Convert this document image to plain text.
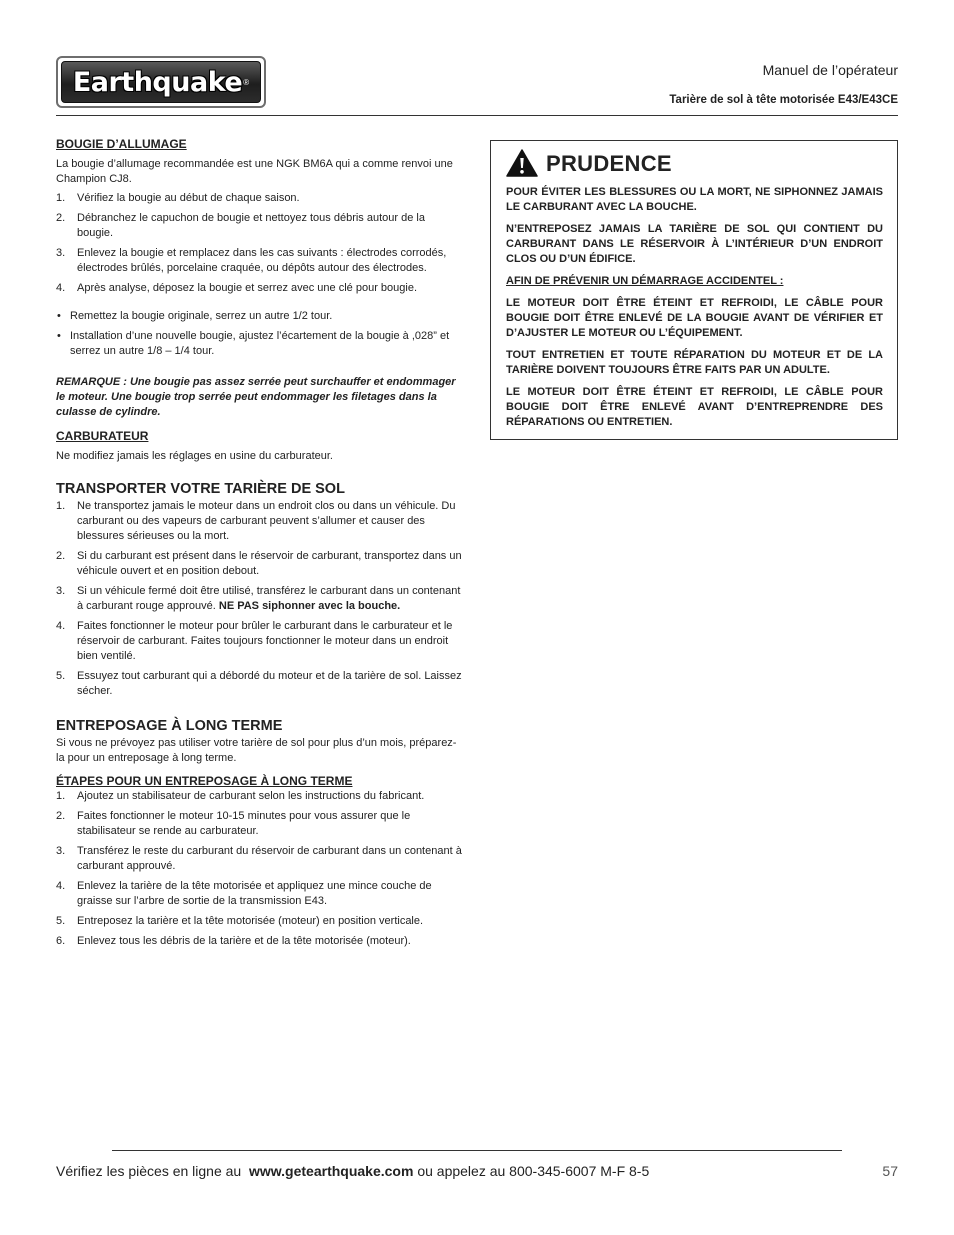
Earthquake ®
Manuel de l’opérateur
Tarière de sol à tête motorisée E43/E43CE
BOUGIE D’ALLUMAGE

La bougie d’allumage recommandée est une NGK BM6A qui a comme renvoi une Champion CJ8.

1. Vérifiez la bougie au début de chaque saison.
2. Débranchez le capuchon de bougie et nettoyez tous débris autour de la bougie.
3. Enlevez la bougie et remplacez dans les cas suivants : électrodes corrodés, électrodes brûlés, porcelaine craquée, ou dépôts autour des électrodes.
4. Après analyse, déposez la bougie et serrez avec une clé pour bougie.
• Remettez la bougie originale, serrez un autre 1/2 tour.
• Installation d’une nouvelle bougie, ajustez l’écartement de la bougie à ,028” et serrez un autre 1/8 – 1/4 tour.

REMARQUE : Une bougie pas assez serrée peut surchauffer et endommager le moteur. Une bougie trop serrée peut endommager les filetages dans la culasse de cylindre.

CARBURATEUR

Ne modifiez jamais les réglages en usine du carburateur.

TRANSPORTER VOTRE TARIÈRE DE SOL
1. Ne transportez jamais le moteur dans un endroit clos ou dans un véhicule. Du carburant ou des vapeurs de carburant peuvent s’allumer et causer des blessures sérieuses ou la mort.
2. Si du carburant est présent dans le réservoir de carburant, transportez dans un véhicule ouvert et en position debout.
3. Si un véhicule fermé doit être utilisé, transférez le carburant dans un contenant à carburant rouge approuvé. NE PAS siphonner avec la bouche.
4. Faites fonctionner le moteur pour brûler le carburant dans le carburateur et le réservoir de carburant. Faites toujours fonctionner le moteur dans un endroit bien ventilé.
5. Essuyez tout carburant qui a débordé du moteur et de la tarière de sol. Laissez sécher.
ENTREPOSAGE À LONG TERME

Si vous ne prévoyez pas utiliser votre tarière de sol pour plus d’un mois, préparez-la pour un entreposage à long terme.

ÉTAPES POUR UN ENTREPOSAGE À LONG TERME
1. Ajoutez un stabilisateur de carburant selon les instructions du fabricant.
2. Faites fonctionner le moteur 10-15 minutes pour vous assurer que le stabilisateur se rende au carburateur.
3. Transférez le reste du carburant du réservoir de carburant dans un contenant à carburant approuvé.
4. Enlevez la tarière de la tête motorisée et appliquez une mince couche de graisse sur l’arbre de sortie de la transmission E43.
5. Entreposez la tarière et la tête motorisée (moteur) en position verticale.
6. Enlevez tous les débris de la tarière et de la tête motorisée (moteur).
PRUDENCE

POUR ÉVITER LES BLESSURES OU LA MORT, NE SIPHONNEZ JAMAIS LE CARBURANT AVEC LA BOUCHE.

N’ENTREPOSEZ JAMAIS LA TARIÈRE DE SOL QUI CONTIENT DU CARBURANT DANS LE RÉSERVOIR À L’INTÉRIEUR D’UN ENDROIT CLOS OU D’UN ÉDIFICE.

AFIN DE PRÉVENIR UN DÉMARRAGE ACCIDENTEL :

LE MOTEUR DOIT ÊTRE ÉTEINT ET REFROIDI, LE CÂBLE POUR BOUGIE DOIT ÊTRE ENLEVÉ DE LA BOUGIE AVANT DE VÉRIFIER ET D’AJUSTER LE MOTEUR OU L’ÉQUIPEMENT.

TOUT ENTRETIEN ET TOUTE RÉPARATION DU MOTEUR ET DE LA TARIÈRE DOIVENT TOUJOURS ÊTRE FAITS PAR UN ADULTE.

LE MOTEUR DOIT ÊTRE ÉTEINT ET REFROIDI, LE CÂBLE POUR BOUGIE DOIT ÊTRE ENLEVÉ AVANT D’ENTREPRENDRE DES RÉPARATIONS OU ENTRETIEN.

Vérifiez les pièces en ligne au www.getearthquake.com ou appelez au 800-345-6007 M-F 8-5	57
